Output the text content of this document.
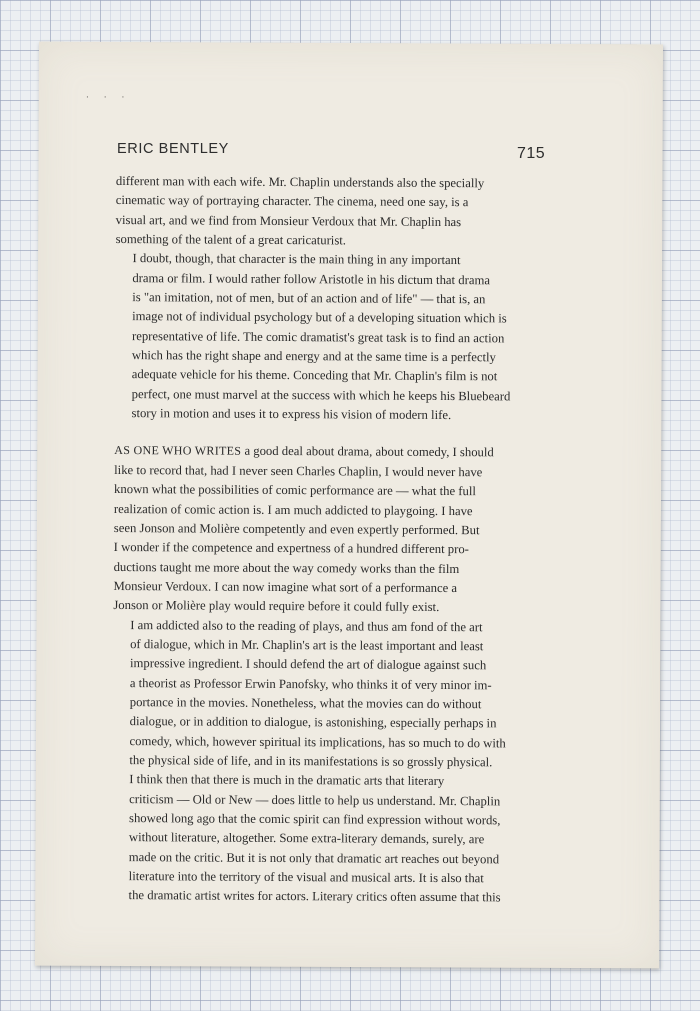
· · ·
ERIC BENTLEY	715

different man with each wife. Mr. Chaplin understands also the specially
cinematic way of portraying character. The cinema, need one say, is a
visual art, and we find from Monsieur Verdoux that Mr. Chaplin has
something of the talent of a great caricaturist.

I doubt, though, that character is the main thing in any important
drama or film. I would rather follow Aristotle in his dictum that drama
is "an imitation, not of men, but of an action and of life" — that is, an
image not of individual psychology but of a developing situation which is
representative of life. The comic dramatist's great task is to find an action
which has the right shape and energy and at the same time is a perfectly
adequate vehicle for his theme. Conceding that Mr. Chaplin's film is not
perfect, one must marvel at the success with which he keeps his Bluebeard
story in motion and uses it to express his vision of modern life.

AS ONE WHO WRITES a good deal about drama, about comedy, I should
like to record that, had I never seen Charles Chaplin, I would never have
known what the possibilities of comic performance are — what the full
realization of comic action is. I am much addicted to playgoing. I have
seen Jonson and Molière competently and even expertly performed. But
I wonder if the competence and expertness of a hundred different pro-
ductions taught me more about the way comedy works than the film
Monsieur Verdoux. I can now imagine what sort of a performance a
Jonson or Molière play would require before it could fully exist.

I am addicted also to the reading of plays, and thus am fond of the art
of dialogue, which in Mr. Chaplin's art is the least important and least
impressive ingredient. I should defend the art of dialogue against such
a theorist as Professor Erwin Panofsky, who thinks it of very minor im-
portance in the movies. Nonetheless, what the movies can do without
dialogue, or in addition to dialogue, is astonishing, especially perhaps in
comedy, which, however spiritual its implications, has so much to do with
the physical side of life, and in its manifestations is so grossly physical.

I think then that there is much in the dramatic arts that literary
criticism — Old or New — does little to help us understand. Mr. Chaplin
showed long ago that the comic spirit can find expression without words,
without literature, altogether. Some extra-literary demands, surely, are
made on the critic. But it is not only that dramatic art reaches out beyond
literature into the territory of the visual and musical arts. It is also that
the dramatic artist writes for actors. Literary critics often assume that this
